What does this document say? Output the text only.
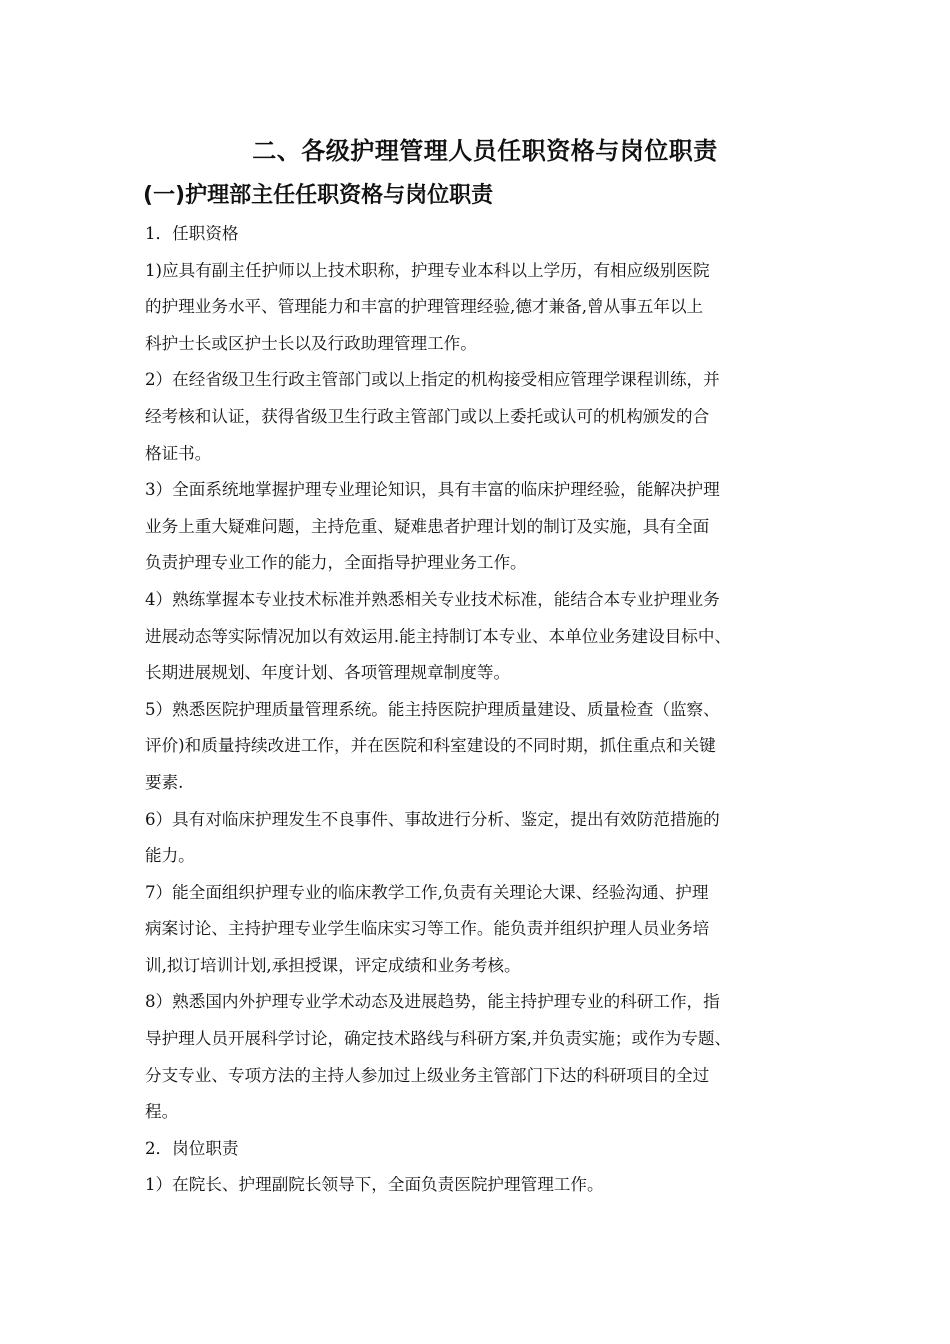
二、各级护理管理人员任职资格与岗位职责
(一)护理部主任任职资格与岗位职责
1．任职资格
1)应具有副主任护师以上技术职称，护理专业本科以上学历，有相应级别医院
的护理业务水平、管理能力和丰富的护理管理经验,德才兼备,曾从事五年以上
科护士长或区护士长以及行政助理管理工作。
2）在经省级卫生行政主管部门或以上指定的机构接受相应管理学课程训练，并
经考核和认证，获得省级卫生行政主管部门或以上委托或认可的机构颁发的合
格证书。
3）全面系统地掌握护理专业理论知识，具有丰富的临床护理经验，能解决护理
业务上重大疑难问题，主持危重、疑难患者护理计划的制订及实施，具有全面
负责护理专业工作的能力，全面指导护理业务工作。
4）熟练掌握本专业技术标准并熟悉相关专业技术标准，能结合本专业护理业务
进展动态等实际情况加以有效运用.能主持制订本专业、本单位业务建设目标中、
长期进展规划、年度计划、各项管理规章制度等。
5）熟悉医院护理质量管理系统。能主持医院护理质量建设、质量检查（监察、
评价)和质量持续改进工作，并在医院和科室建设的不同时期，抓住重点和关键
要素.
6）具有对临床护理发生不良事件、事故进行分析、鉴定，提出有效防范措施的
能力。
7）能全面组织护理专业的临床教学工作,负责有关理论大课、经验沟通、护理
病案讨论、主持护理专业学生临床实习等工作。能负责并组织护理人员业务培
训,拟订培训计划,承担授课，评定成绩和业务考核。
8）熟悉国内外护理专业学术动态及进展趋势，能主持护理专业的科研工作，指
导护理人员开展科学讨论，确定技术路线与科研方案,并负责实施；或作为专题、
分支专业、专项方法的主持人参加过上级业务主管部门下达的科研项目的全过
程。
2．岗位职责
1）在院长、护理副院长领导下，全面负责医院护理管理工作。
